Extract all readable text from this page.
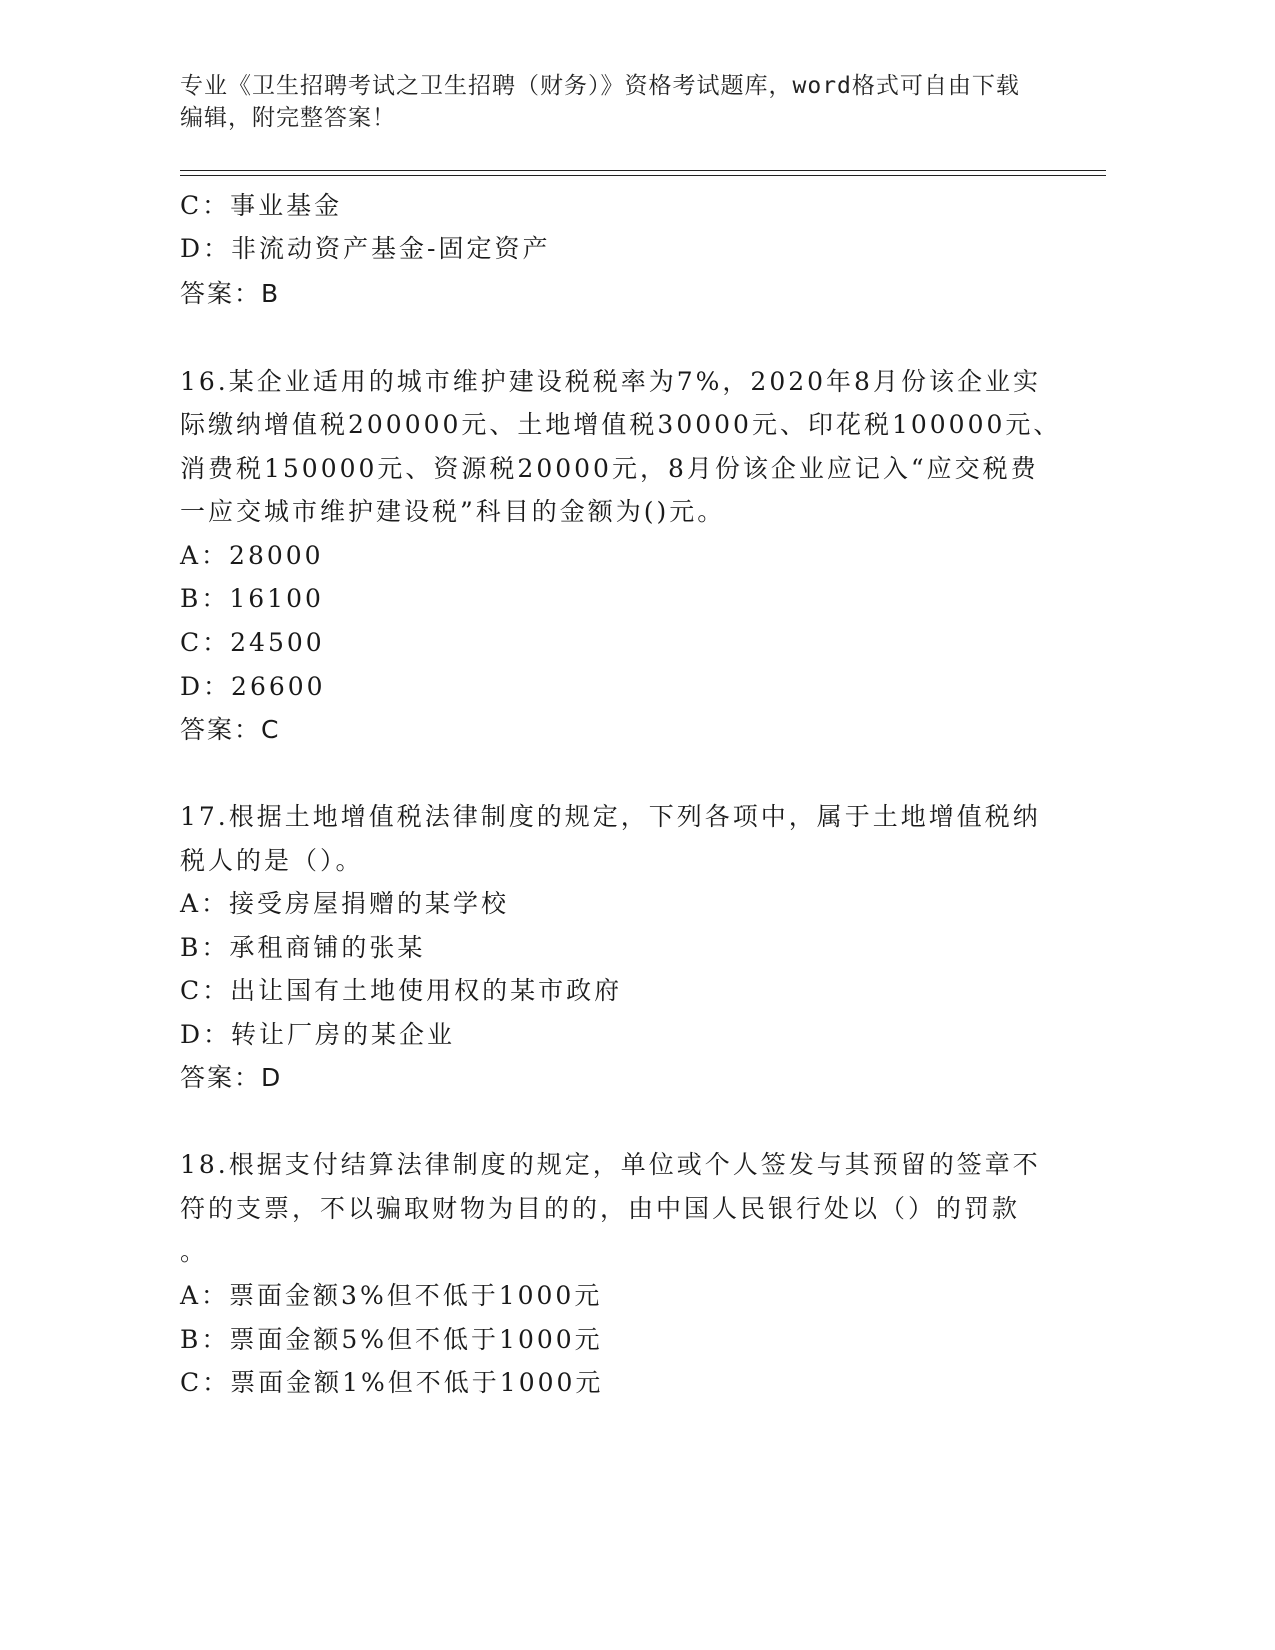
专业《卫生招聘考试之卫生招聘（财务）》资格考试题库，word格式可自由下载
编辑，附完整答案！
C：事业基金
D：非流动资产基金-固定资产
答案：B
16.某企业适用的城市维护建设税税率为7%，2020年8月份该企业实
际缴纳增值税200000元、土地增值税30000元、印花税100000元、
消费税150000元、资源税20000元，8月份该企业应记入“应交税费
一应交城市维护建设税”科目的金额为()元。
A：28000
B：16100
C：24500
D：26600
答案：C
17.根据土地增值税法律制度的规定，下列各项中，属于土地增值税纳
税人的是（）。
A：接受房屋捐赠的某学校
B：承租商铺的张某
C：出让国有土地使用权的某市政府
D：转让厂房的某企业
答案：D
18.根据支付结算法律制度的规定，单位或个人签发与其预留的签章不
符的支票，不以骗取财物为目的的，由中国人民银行处以（）的罚款
。
A：票面金额3%但不低于1000元
B：票面金额5%但不低于1000元
C：票面金额1%但不低于1000元
